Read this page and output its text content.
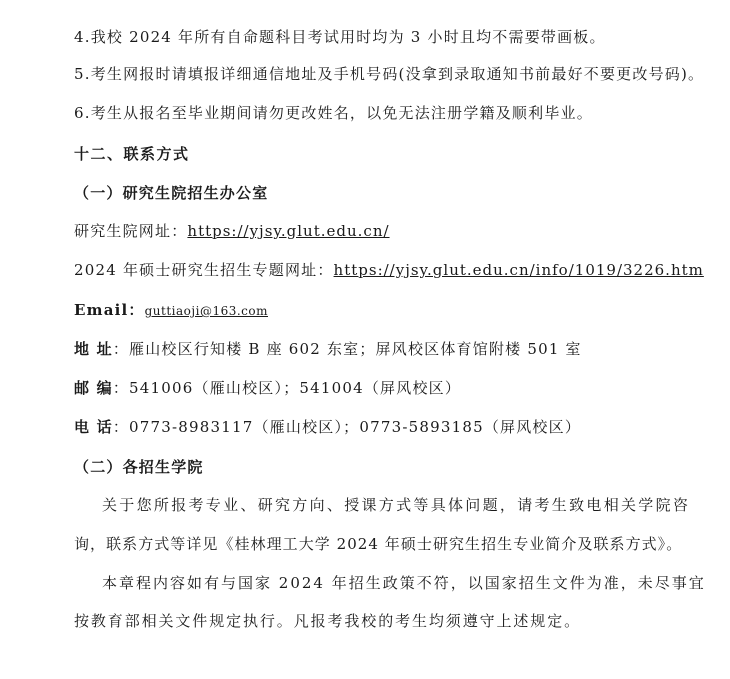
4.我校 2024 年所有自命题科目考试用时均为 3 小时且均不需要带画板。
5.考生网报时请填报详细通信地址及手机号码(没拿到录取通知书前最好不要更改号码)。
6.考生从报名至毕业期间请勿更改姓名，以免无法注册学籍及顺利毕业。
十二、联系方式
（一）研究生院招生办公室
研究生院网址：https://yjsy.glut.edu.cn/
2024 年硕士研究生招生专题网址：https://yjsy.glut.edu.cn/info/1019/3226.htm
Email：guttiaoji@163.com
地 址：雁山校区行知楼 B 座 602 东室；屏风校区体育馆附楼 501 室
邮 编：541006（雁山校区）；541004（屏风校区）
电 话：0773-8983117（雁山校区）；0773-5893185（屏风校区）
（二）各招生学院
关于您所报考专业、研究方向、授课方式等具体问题，请考生致电相关学院咨
询，联系方式等详见《桂林理工大学 2024 年硕士研究生招生专业简介及联系方式》。
本章程内容如有与国家 2024 年招生政策不符，以国家招生文件为准，未尽事宜
按教育部相关文件规定执行。凡报考我校的考生均须遵守上述规定。
